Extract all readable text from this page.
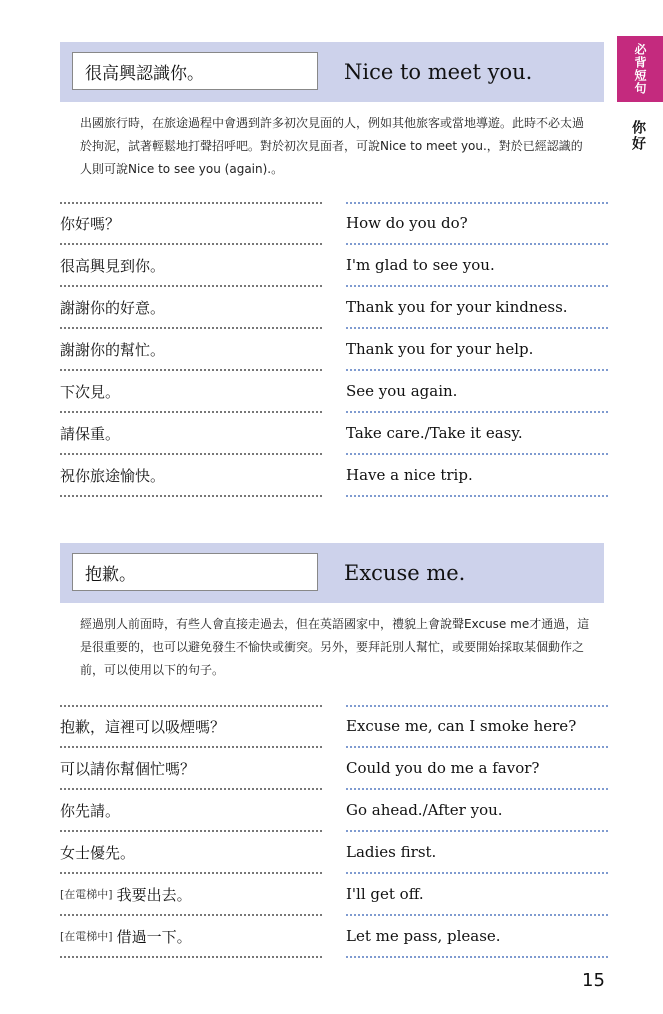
必背短句
你好
很高興認識你。	Nice to meet you.
出國旅行時，在旅途過程中會遇到許多初次見面的人，例如其他旅客或當地導遊。此時不必太過於拘泥，試著輕鬆地打聲招呼吧。對於初次見面者，可說Nice to meet you.，對於已經認識的人則可說Nice to see you (again).。
你好嗎？	How do you do?
很高興見到你。	I'm glad to see you.
謝謝你的好意。	Thank you for your kindness.
謝謝你的幫忙。	Thank you for your help.
下次見。	See you again.
請保重。	Take care./Take it easy.
祝你旅途愉快。	Have a nice trip.
抱歉。	Excuse me.
經過別人前面時，有些人會直接走過去，但在英語國家中，禮貌上會說聲Excuse me才通過，這是很重要的，也可以避免發生不愉快或衝突。另外，要拜託別人幫忙，或要開始採取某個動作之前，可以使用以下的句子。
抱歉，這裡可以吸煙嗎？	Excuse me, can I smoke here?
可以請你幫個忙嗎？	Could you do me a favor?
你先請。	Go ahead./After you.
女士優先。	Ladies first.
[在電梯中] 我要出去。	I'll get off.
[在電梯中] 借過一下。	Let me pass, please.
15
